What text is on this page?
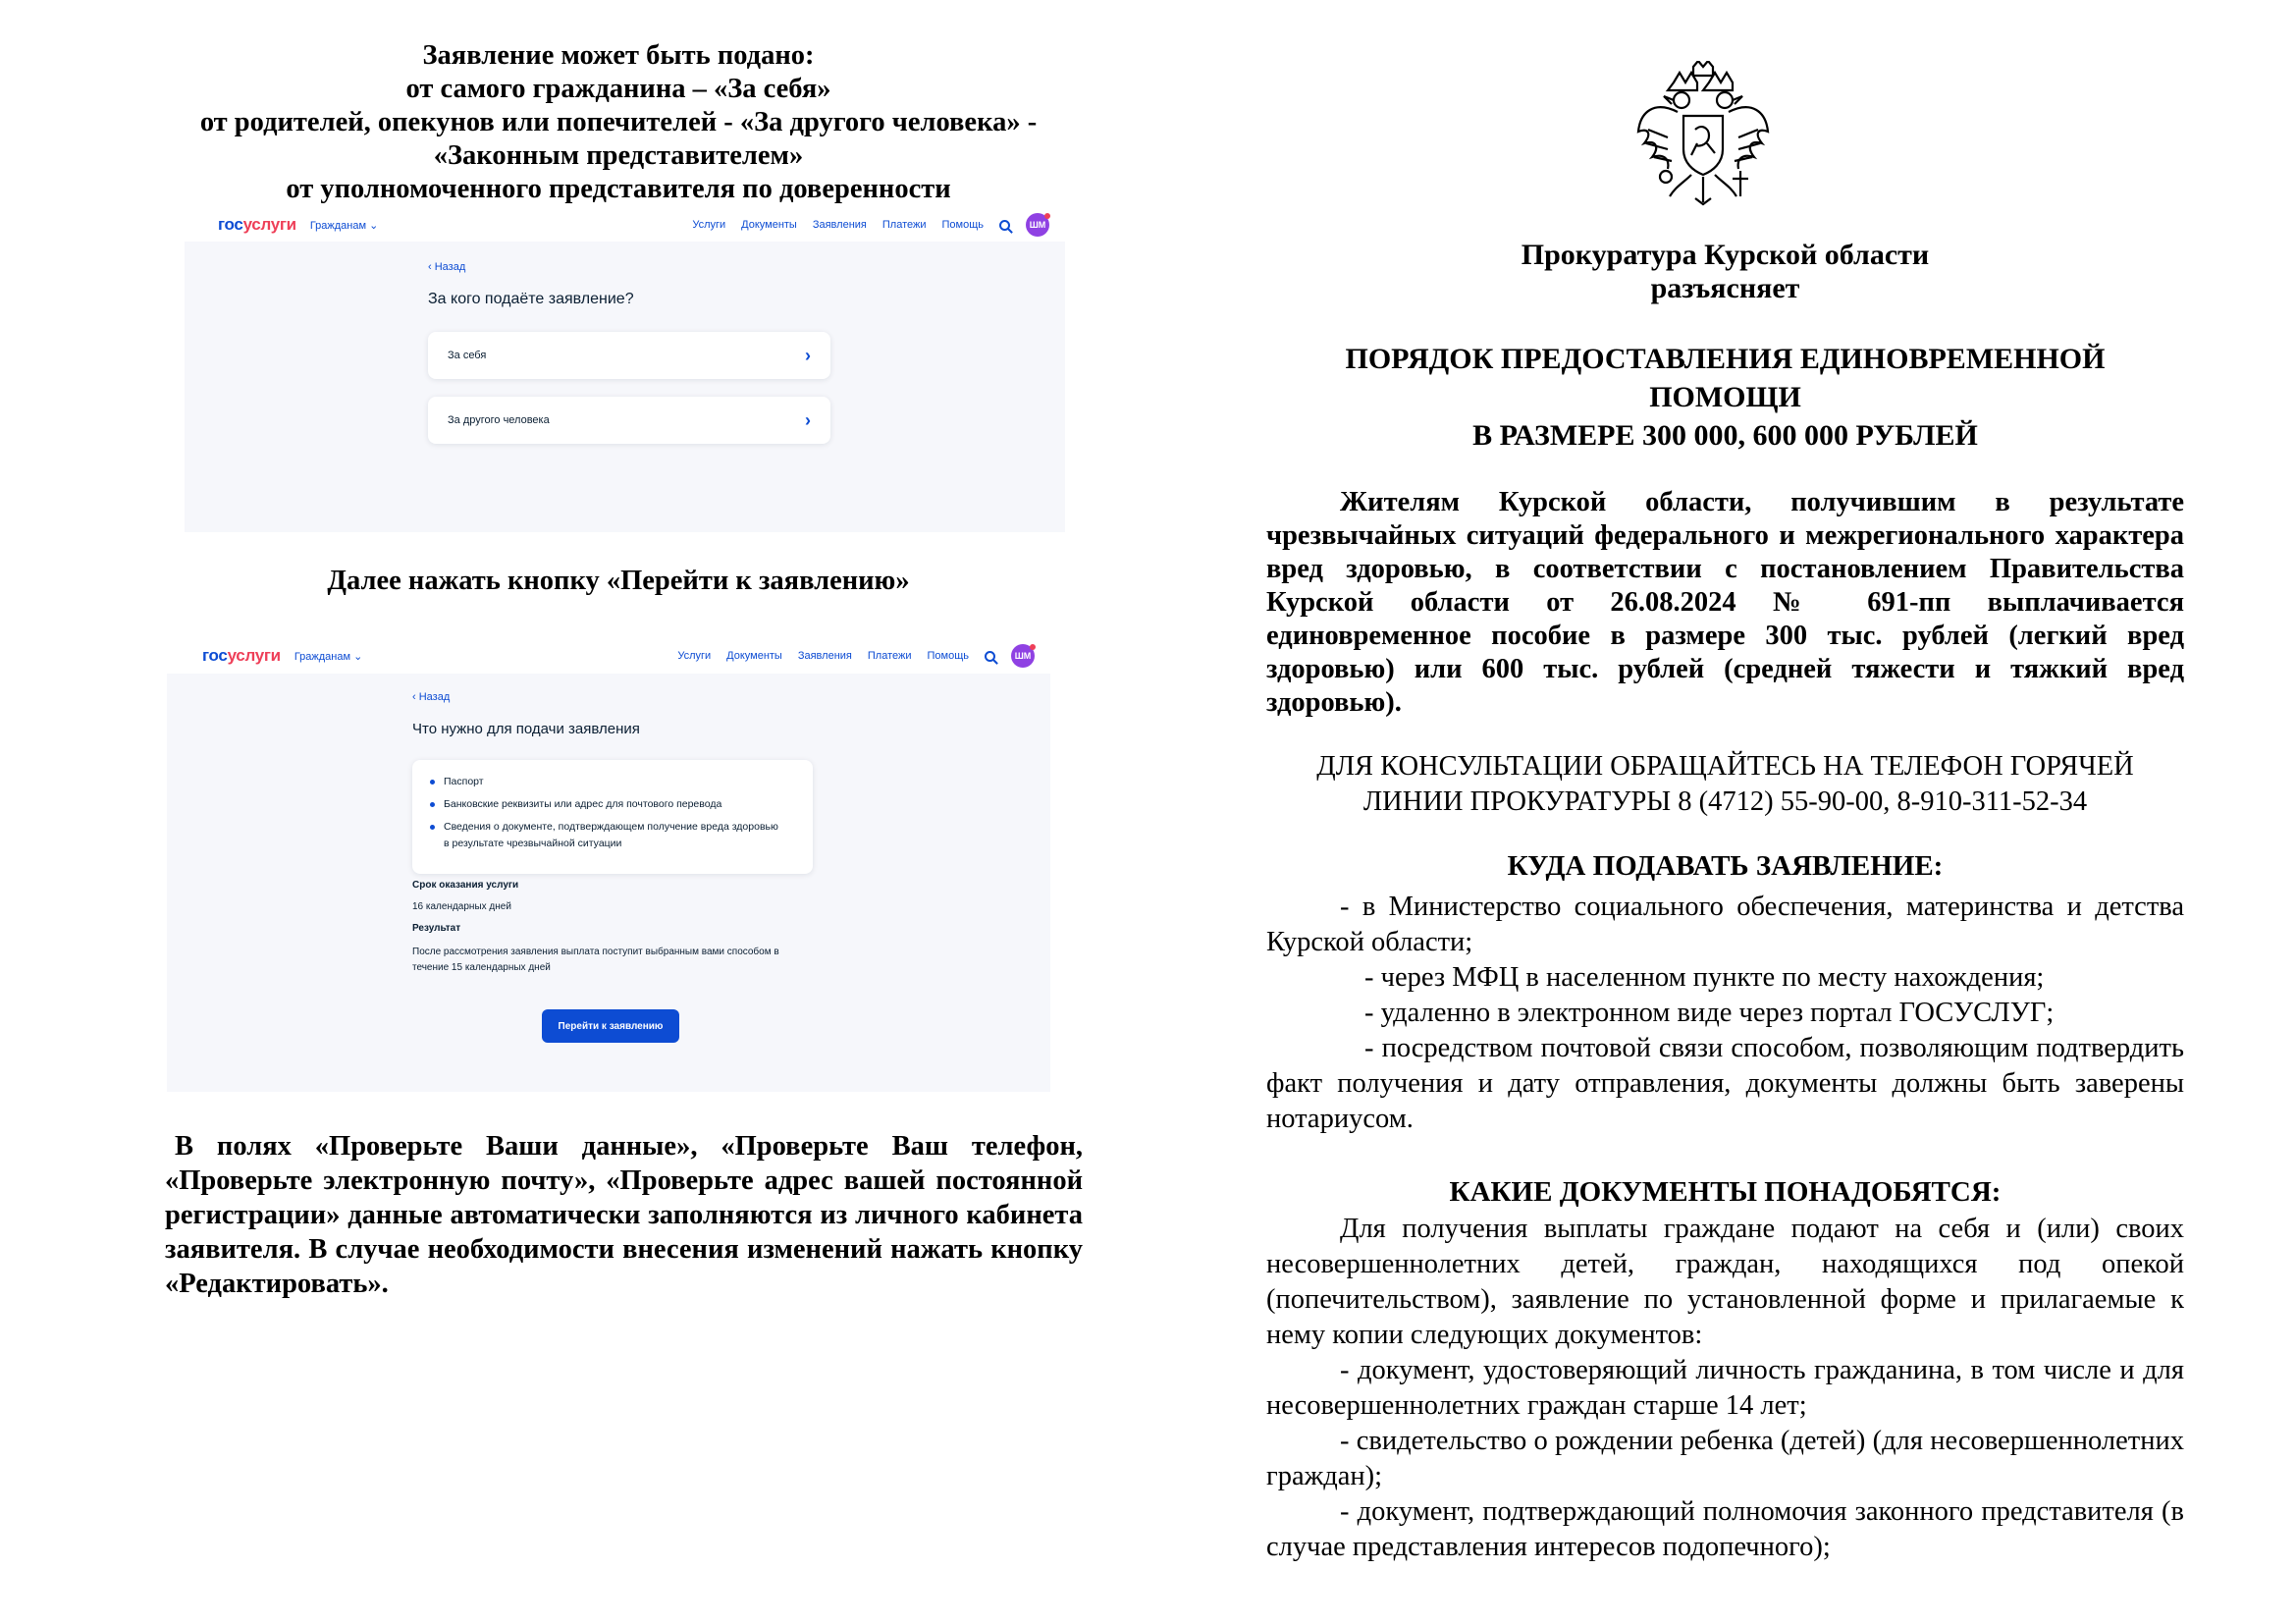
Заявление может быть подано:
от самого гражданина – «За себя»
от родителей, опекунов или попечителей - «За другого человека» -
«Законным представителем»
от уполномоченного представителя по доверенности
госуслуги Гражданам ⌄	Услуги Документы Заявления Платежи Помощь	ШМ
‹ Назад
За кого подаёте заявление?
За себя	›
За другого человека	›
Далее нажать кнопку «Перейти к заявлению»
госуслуги Гражданам ⌄	Услуги Документы Заявления Платежи Помощь	ШМ
‹ Назад
Что нужно для подачи заявления
Паспорт
Банковские реквизиты или адрес для почтового перевода
Сведения о документе, подтверждающем получение вреда здоровью
в результате чрезвычайной ситуации
Срок оказания услуги
16 календарных дней
Результат
После рассмотрения заявления выплата поступит выбранным вами способом в
течение 15 календарных дней
Перейти к заявлению
В полях «Проверьте Ваши данные», «Проверьте Ваш телефон, «Проверьте электронную почту», «Проверьте адрес вашей постоянной регистрации» данные автоматически заполняются из личного кабинета заявителя. В случае необходимости внесения изменений нажать кнопку «Редактировать».
Прокуратура Курской области
разъясняет
ПОРЯДОК ПРЕДОСТАВЛЕНИЯ ЕДИНОВРЕМЕННОЙ
ПОМОЩИ
В РАЗМЕРЕ 300 000, 600 000 РУБЛЕЙ
Жителям Курской области, получившим в результате чрезвычайных ситуаций федерального и межрегионального характера вред здоровью, в соответствии с постановлением Правительства Курской области от 26.08.2024 № 691-пп выплачивается единовременное пособие в размере 300 тыс. рублей (легкий вред здоровью) или 600 тыс. рублей (средней тяжести и тяжкий вред здоровью).
ДЛЯ КОНСУЛЬТАЦИИ ОБРАЩАЙТЕСЬ НА ТЕЛЕФОН ГОРЯЧЕЙ
ЛИНИИ ПРОКУРАТУРЫ 8 (4712) 55-90-00, 8-910-311-52-34
КУДА ПОДАВАТЬ ЗАЯВЛЕНИЕ:
- в Министерство социального обеспечения, материнства и детства Курской области;
- через МФЦ в населенном пункте по месту нахождения;
- удаленно в электронном виде через портал ГОСУСЛУГ;
- посредством почтовой связи способом, позволяющим подтвердить факт получения и дату отправления, документы должны быть заверены нотариусом.
КАКИЕ ДОКУМЕНТЫ ПОНАДОБЯТСЯ:
Для получения выплаты граждане подают на себя и (или) своих несовершеннолетних детей, граждан, находящихся под опекой (попечительством), заявление по установленной форме и прилагаемые к нему копии следующих документов:
- документ, удостоверяющий личность гражданина, в том числе и для несовершеннолетних граждан старше 14 лет;
- свидетельство о рождении ребенка (детей) (для несовершеннолетних граждан);
- документ, подтверждающий полномочия законного представителя (в случае представления интересов подопечного);
